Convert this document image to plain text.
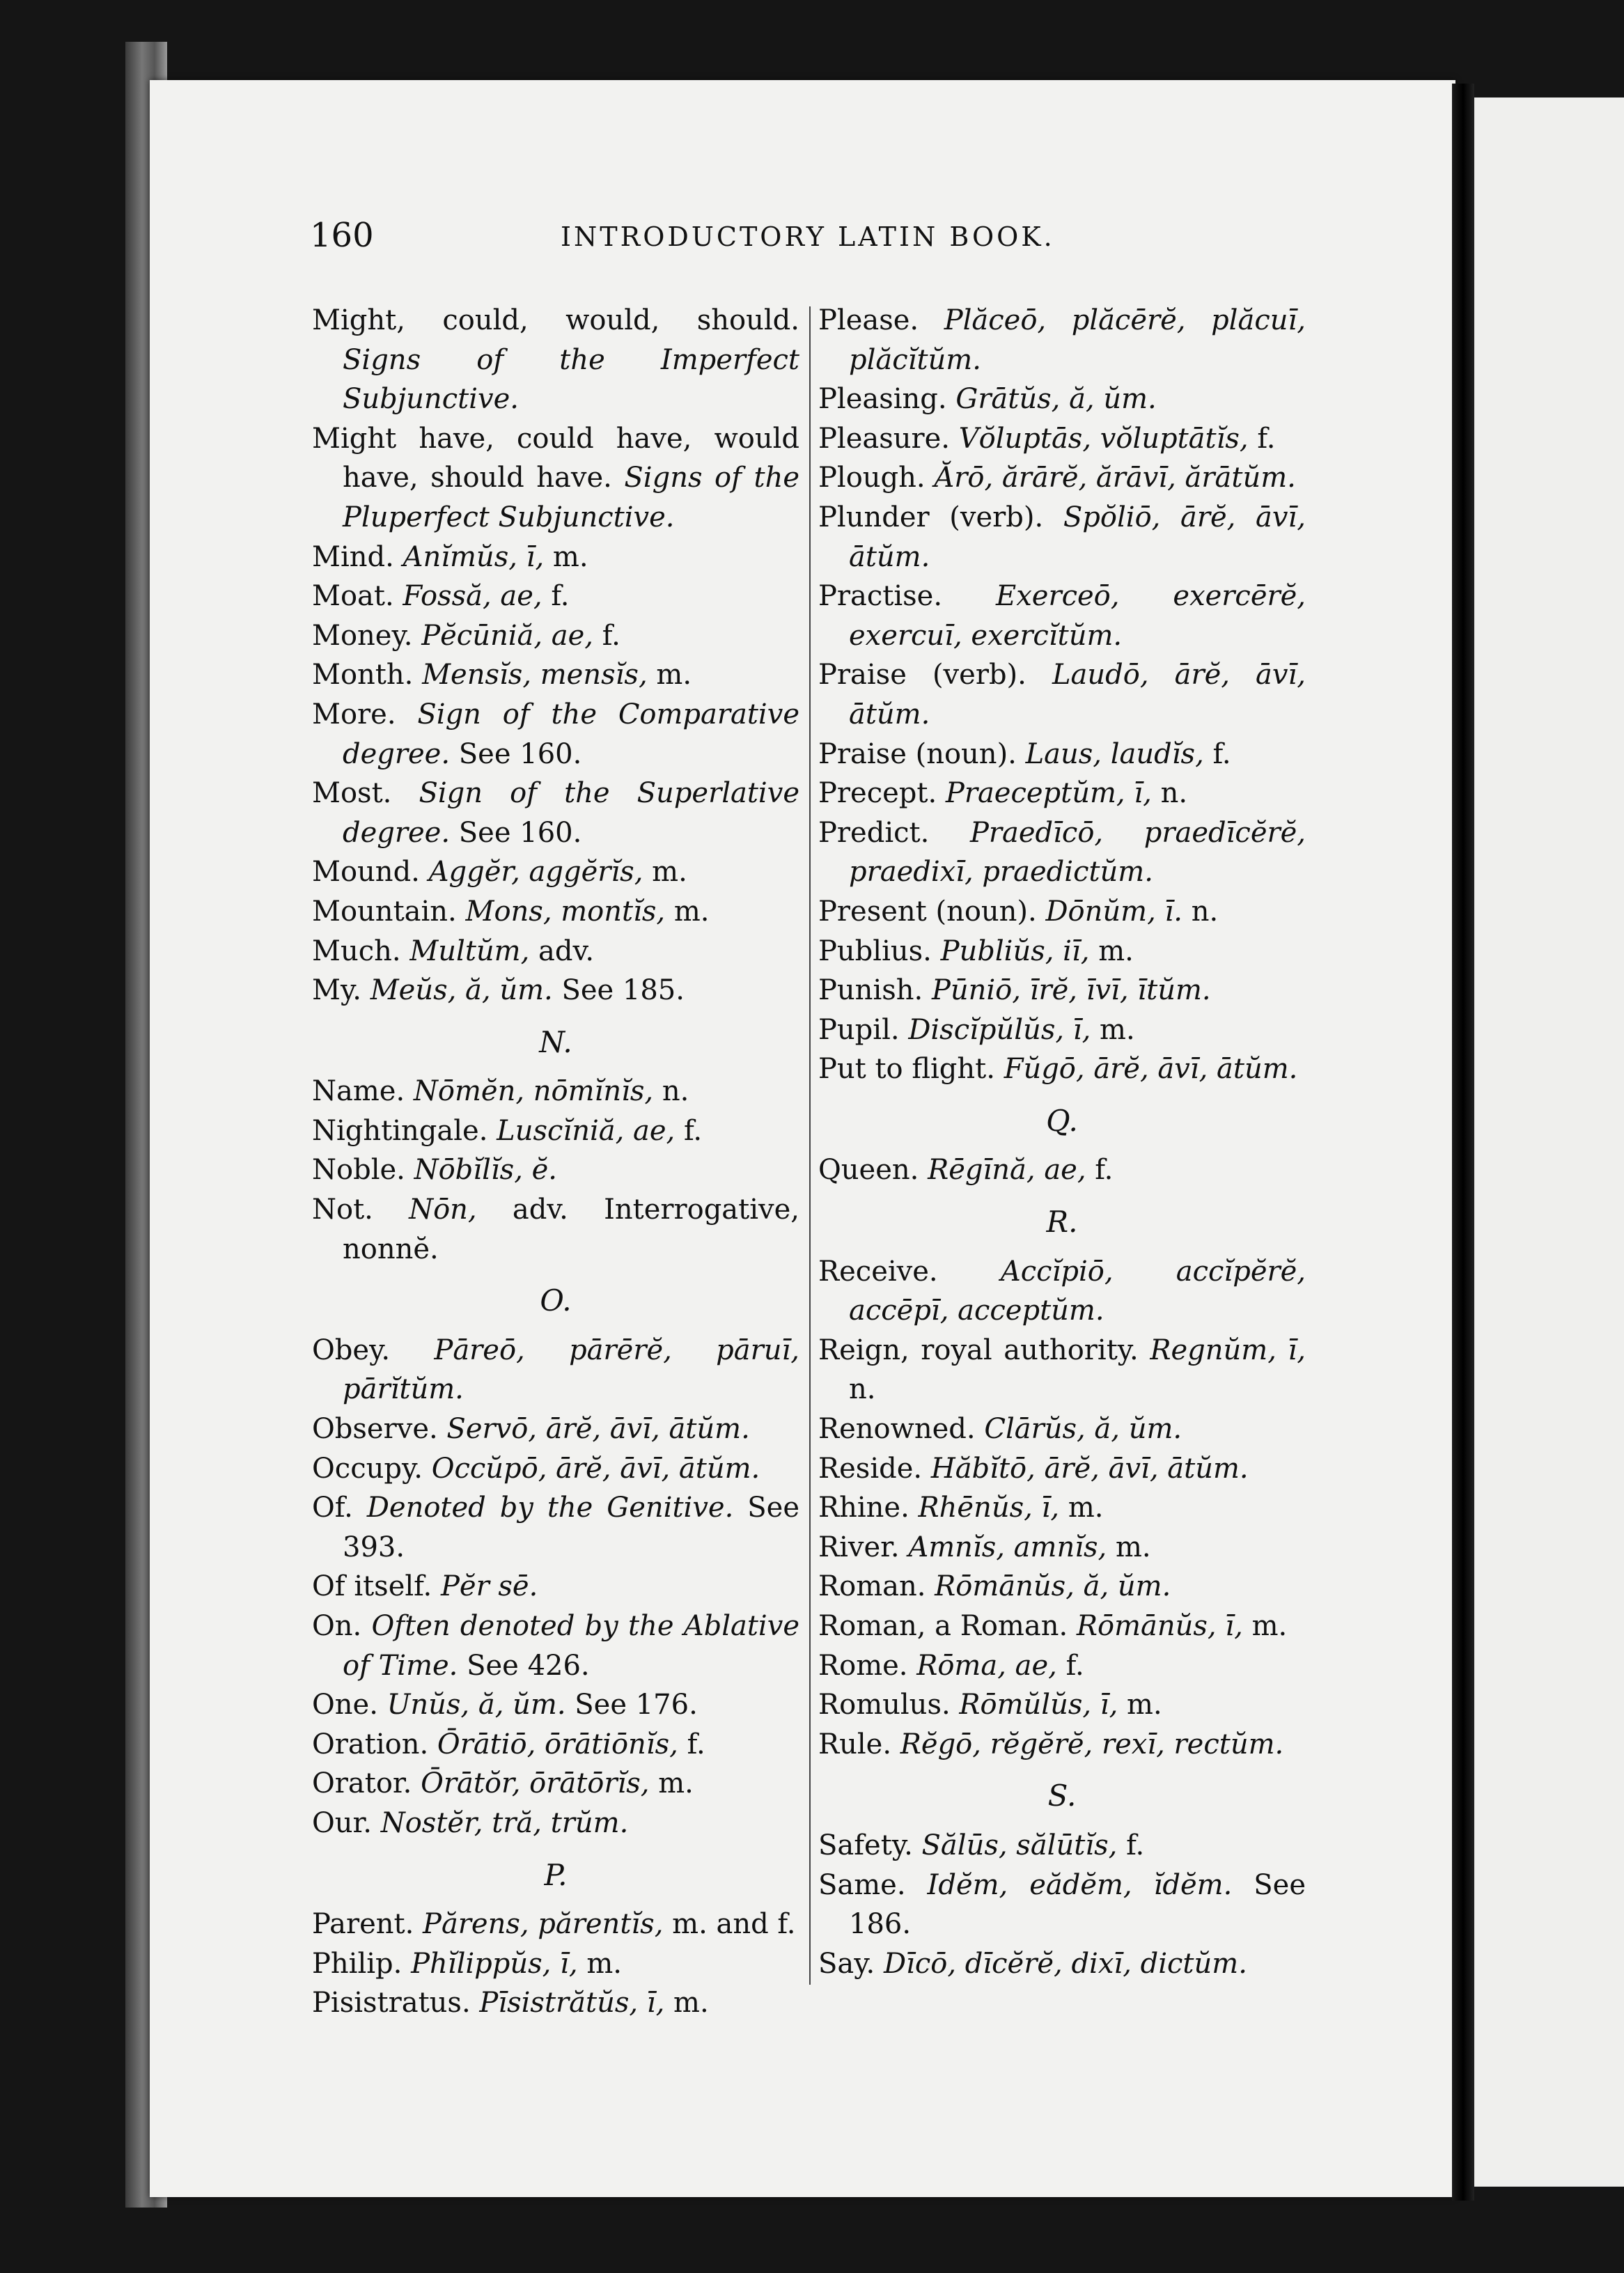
160	INTRODUCTORY LATIN BOOK.
Might, could, would, should. Signs of the Imperfect Subjunctive.
Might have, could have, would have, should have. Signs of the Pluperfect Subjunctive.
Mind. Anĭmŭs, ī, m.
Moat. Fossă, ae, f.
Money. Pĕcūniă, ae, f.
Month. Mensĭs, mensĭs, m.
More. Sign of the Comparative degree. See 160.
Most. Sign of the Superlative degree. See 160.
Mound. Aggĕr, aggĕrĭs, m.
Mountain. Mons, montĭs, m.
Much. Multŭm, adv.
My. Meŭs, ă, ŭm. See 185.
N.
Name. Nōmĕn, nōmĭnĭs, n.
Nightingale. Luscĭniă, ae, f.
Noble. Nōbĭlĭs, ĕ.
Not. Nōn, adv. Interrogative, nonnĕ.
O.
Obey. Pāreō, pārērĕ, pāruī, pārĭtŭm.
Observe. Servō, ārĕ, āvī, ātŭm.
Occupy. Occŭpō, ārĕ, āvī, ātŭm.
Of. Denoted by the Genitive. See 393.
Of itself. Pĕr sē.
On. Often denoted by the Ablative of Time. See 426.
One. Unŭs, ă, ŭm. See 176.
Oration. Ōrātiō, ōrātiōnĭs, f.
Orator. Ōrātŏr, ōrātōrĭs, m.
Our. Nostĕr, tră, trŭm.
P.
Parent. Părens, părentĭs, m. and f.
Philip. Phĭlippŭs, ī, m.
Pisistratus. Pīsistrătŭs, ī, m.
Please. Plăceō, plăcērĕ, plăcuī, plăcĭtŭm.
Pleasing. Grātŭs, ă, ŭm.
Pleasure. Vŏluptās, vŏluptātĭs, f.
Plough. Ărō, ărārĕ, ărāvī, ărātŭm.
Plunder (verb). Spŏliō, ārĕ, āvī, ātŭm.
Practise. Exerceō, exercērĕ, exercuī, exercĭtŭm.
Praise (verb). Laudō, ārĕ, āvī, ātŭm.
Praise (noun). Laus, laudĭs, f.
Precept. Praeceptŭm, ī, n.
Predict. Praedīcō, praedīcĕrĕ, praedixī, praedictŭm.
Present (noun). Dōnŭm, ī. n.
Publius. Publiŭs, iī, m.
Punish. Pūniō, īrĕ, īvī, ītŭm.
Pupil. Discĭpŭlŭs, ī, m.
Put to flight. Fŭgō, ārĕ, āvī, ātŭm.
Q.
Queen. Rēgīnă, ae, f.
R.
Receive. Accĭpiō, accĭpĕrĕ, accēpī, acceptŭm.
Reign, royal authority. Regnŭm, ī, n.
Renowned. Clārŭs, ă, ŭm.
Reside. Hăbĭtō, ārĕ, āvī, ātŭm.
Rhine. Rhēnŭs, ī, m.
River. Amnĭs, amnĭs, m.
Roman. Rōmānŭs, ă, ŭm.
Roman, a Roman. Rōmānŭs, ī, m.
Rome. Rōma, ae, f.
Romulus. Rōmŭlŭs, ī, m.
Rule. Rĕgō, rĕgĕrĕ, rexī, rectŭm.
S.
Safety. Sălūs, sălūtĭs, f.
Same. Idĕm, eădĕm, ĭdĕm. See 186.
Say. Dīcō, dīcĕrĕ, dixī, dictŭm.
